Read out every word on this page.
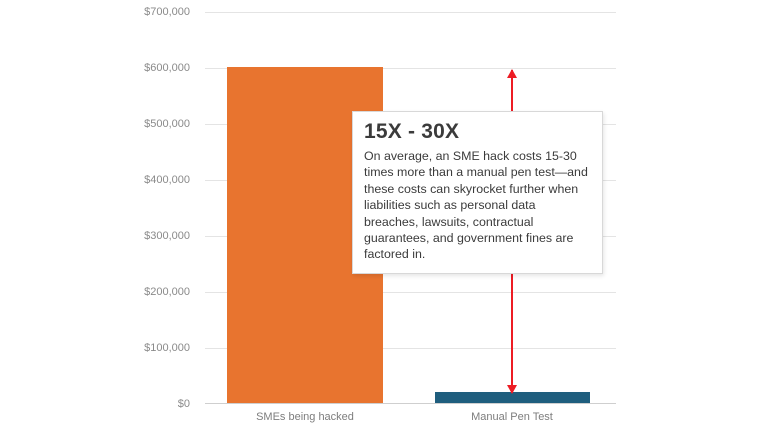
$700,000
$600,000
$500,000
$400,000
$300,000
$200,000
$100,000
$0
SMEs being hacked	Manual Pen Test
15X - 30X
On average, an SME hack costs 15-30 times more than a manual pen test—and these costs can skyrocket further when liabilities such as personal data breaches, lawsuits, contractual guarantees, and government fines are factored in.
